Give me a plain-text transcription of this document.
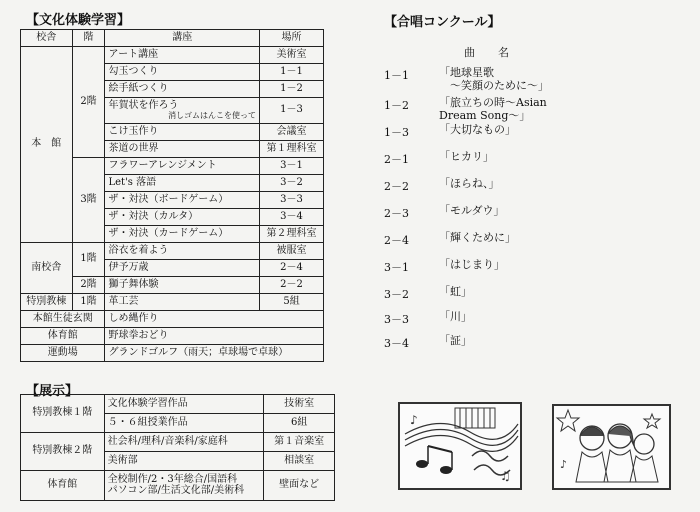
【文化体験学習】
校舎	階	講座	場所
本　館	2階	アート講座	美術室
		勾玉つくり	1－1
		絵手紙つくり	1－2
		年賀状を作ろう
消しゴムはんこを使って	1－3
		こけ玉作り	会議室
		茶道の世界	第１理科室
	3階	フラワーアレンジメント	3－1
		Let's 落語	3－2
		ザ・対決（ボードゲーム）	3－3
		ザ・対決（カルタ）	3－4
		ザ・対決（カードゲーム）	第２理科室
南校舎	1階	浴衣を着よう	被服室
		伊予万歳	2－4
	2階	獅子舞体験	2－2
特別教棟	1階	革工芸	5組
本館生徒玄関		しめ縄作り	
体育館		野球拳おどり	
運動場		グランドゴルフ（雨天；卓球場で卓球）	
【展示】
特別教棟１階	文化体験学習作品	技術室
	５・６組授業作品	6組
特別教棟２階	社会科/理科/音楽科/家庭科	第１音楽室
	美術部	相談室
体育館	全校制作/2・3年総合/国語科
パソコン部/生活文化部/美術科	壁面など
【合唱コンクール】
曲　名
1－1	「地球星歌
　～笑顔のために～」
1－2	「旅立ちの時～Asian
Dream Song～」
1－3	「大切なもの」
2－1	「ヒカリ」
2－2	「ほらね、」
2－3	「モルダウ」
2－4	「輝くために」
3－1	「はじまり」
3－2	「虹」
3－3	「川」
3－4	「証」
♪
♫
♪
